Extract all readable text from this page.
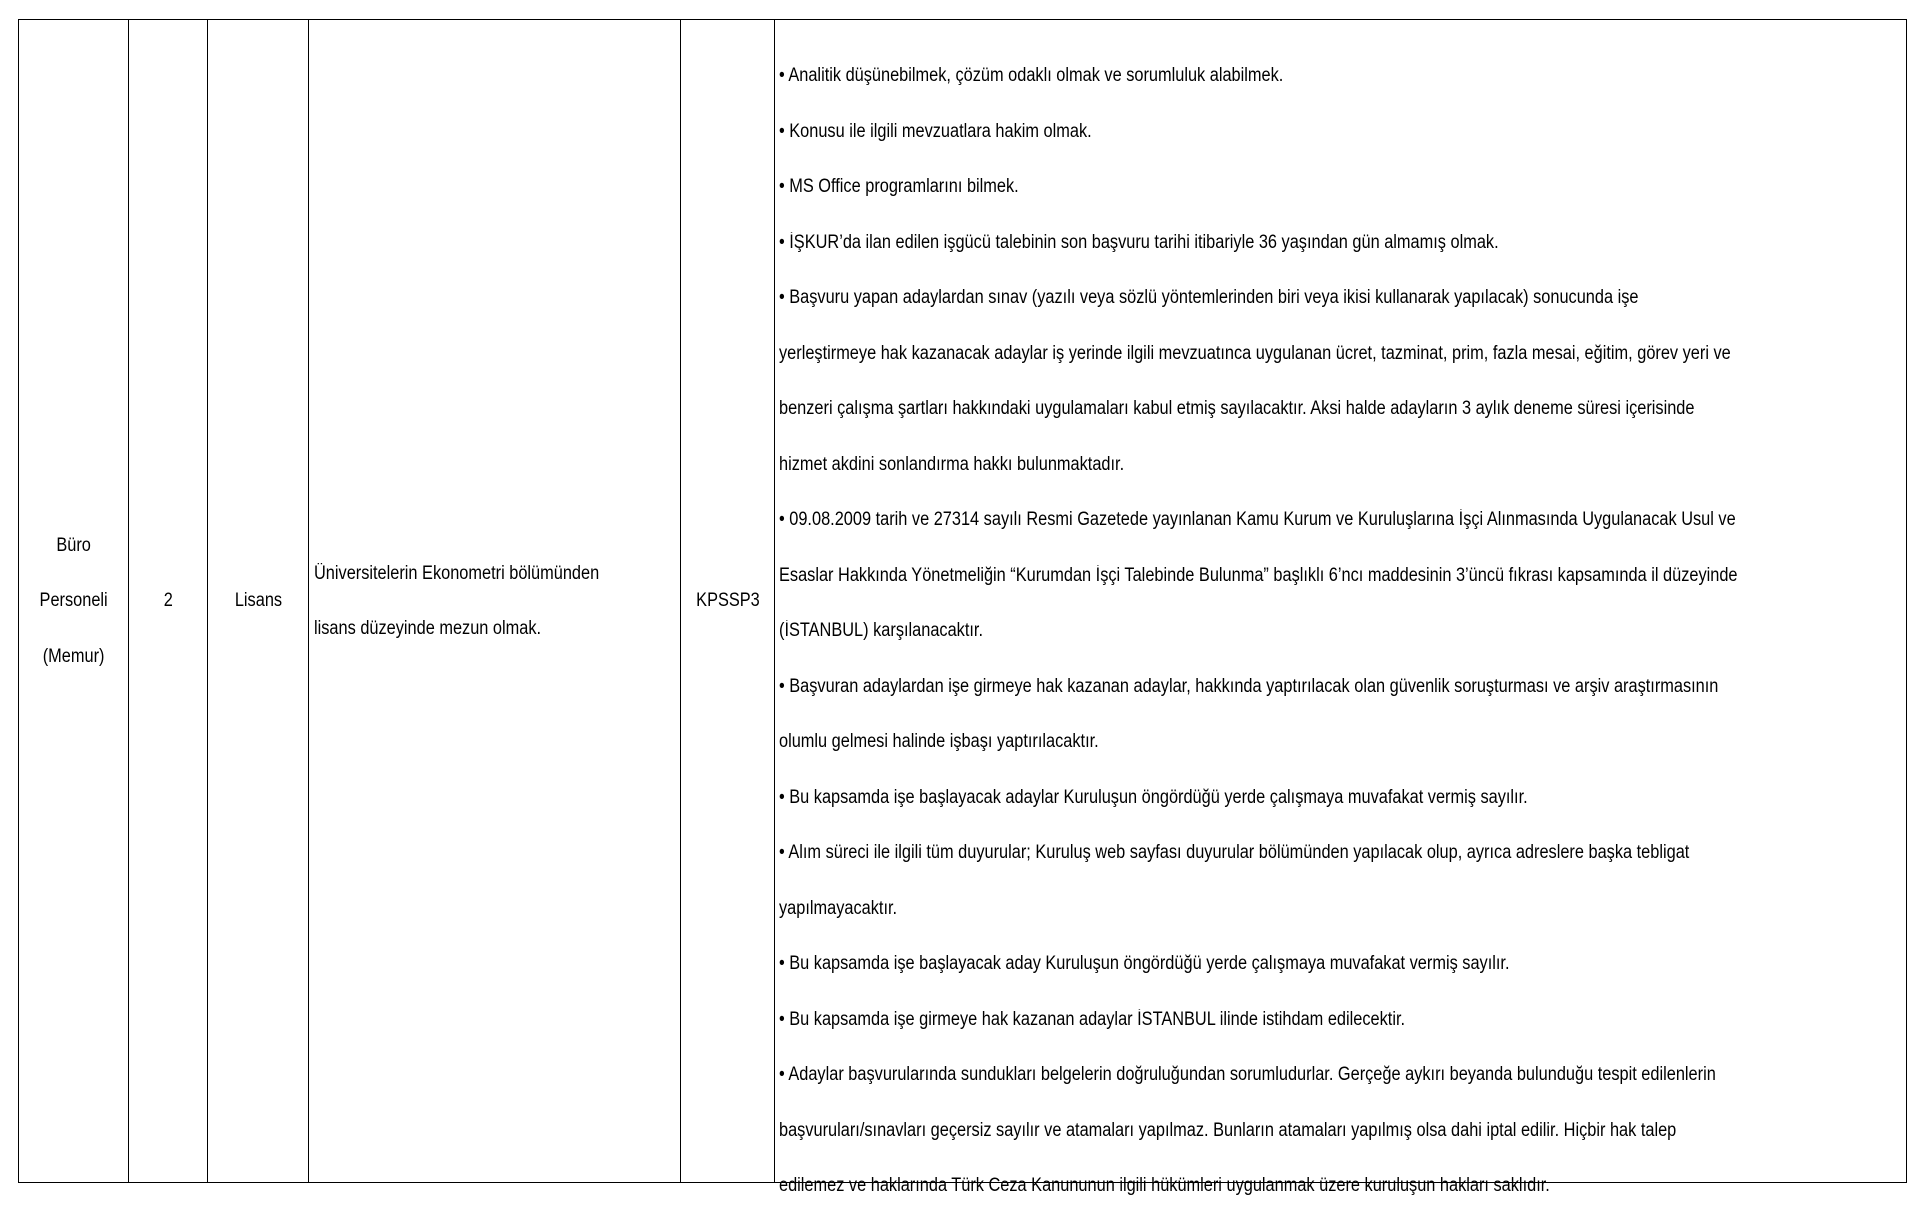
Büro
Personeli
(Memur)
2	Lisans
Üniversitelerin Ekonometri bölümünden
lisans düzeyinde mezun olmak.
KPSSP3
• Analitik düşünebilmek, çözüm odaklı olmak ve sorumluluk alabilmek.
• Konusu ile ilgili mevzuatlara hakim olmak.
• MS Office programlarını bilmek.
• İŞKUR’da ilan edilen işgücü talebinin son başvuru tarihi itibariyle 36 yaşından gün almamış olmak.
• Başvuru yapan adaylardan sınav (yazılı veya sözlü yöntemlerinden biri veya ikisi kullanarak yapılacak) sonucunda işe
yerleştirmeye hak kazanacak adaylar iş yerinde ilgili mevzuatınca uygulanan ücret, tazminat, prim, fazla mesai, eğitim, görev yeri ve
benzeri çalışma şartları hakkındaki uygulamaları kabul etmiş sayılacaktır. Aksi halde adayların 3 aylık deneme süresi içerisinde
hizmet akdini sonlandırma hakkı bulunmaktadır.
• 09.08.2009 tarih ve 27314 sayılı Resmi Gazetede yayınlanan Kamu Kurum ve Kuruluşlarına İşçi Alınmasında Uygulanacak Usul ve
Esaslar Hakkında Yönetmeliğin “Kurumdan İşçi Talebinde Bulunma” başlıklı 6’ncı maddesinin 3’üncü fıkrası kapsamında il düzeyinde
(İSTANBUL) karşılanacaktır.
• Başvuran adaylardan işe girmeye hak kazanan adaylar, hakkında yaptırılacak olan güvenlik soruşturması ve arşiv araştırmasının
olumlu gelmesi halinde işbaşı yaptırılacaktır.
• Bu kapsamda işe başlayacak adaylar Kuruluşun öngördüğü yerde çalışmaya muvafakat vermiş sayılır.
• Alım süreci ile ilgili tüm duyurular; Kuruluş web sayfası duyurular bölümünden yapılacak olup, ayrıca adreslere başka tebligat
yapılmayacaktır.
• Bu kapsamda işe başlayacak aday Kuruluşun öngördüğü yerde çalışmaya muvafakat vermiş sayılır.
• Bu kapsamda işe girmeye hak kazanan adaylar İSTANBUL ilinde istihdam edilecektir.
• Adaylar başvurularında sundukları belgelerin doğruluğundan sorumludurlar. Gerçeğe aykırı beyanda bulunduğu tespit edilenlerin
başvuruları/sınavları geçersiz sayılır ve atamaları yapılmaz. Bunların atamaları yapılmış olsa dahi iptal edilir. Hiçbir hak talep
edilemez ve haklarında Türk Ceza Kanununun ilgili hükümleri uygulanmak üzere kuruluşun hakları saklıdır.
